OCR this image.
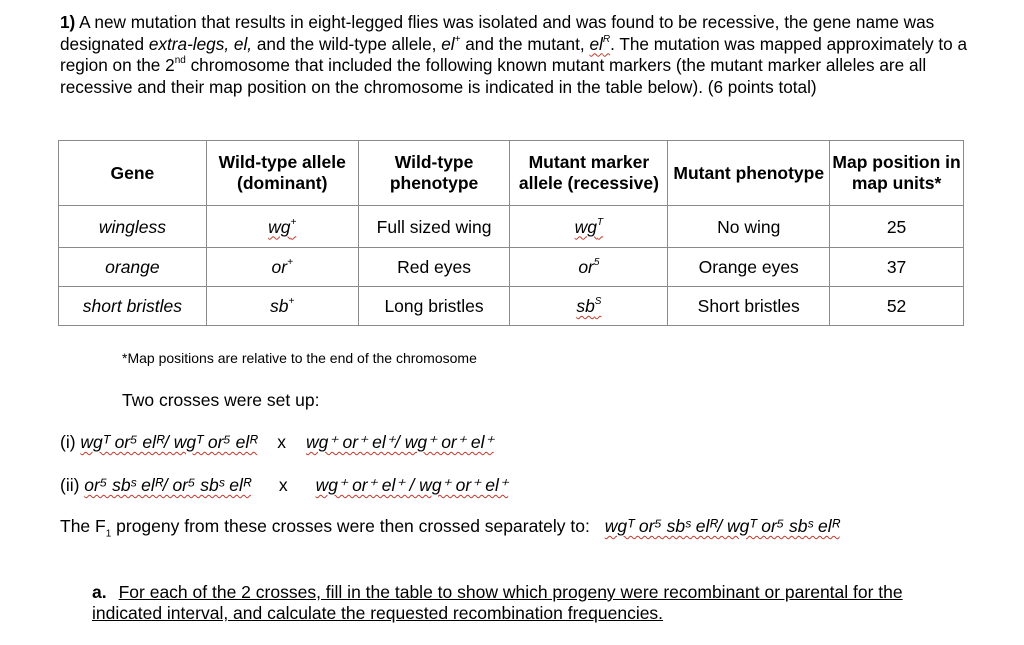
1) A new mutation that results in eight-legged flies was isolated and was found to be recessive, the gene name was designated extra-legs, el, and the wild-type allele, el+ and the mutant, $el^R$. The mutation was mapped approximately to a region on the 2nd chromosome that included the following known mutant markers (the mutant marker alleles are all recessive and their map position on the chromosome is indicated in the table below). (6 points total)
Gene	Wild-type allele (dominant)	Wild-type phenotype	Mutant marker allele (recessive)	Mutant phenotype	Map position in map units*
wingless	wg+	Full sized wing	$wg^T$	No wing	25
orange	or+	Red eyes	$or^5$	Orange eyes	37
short bristles	sb+	Long bristles	$sb^S$	Short bristles	52
*Map positions are relative to the end of the chromosome
Two crosses were set up:
(i) wgᵀ or⁵ elᴿ/ wgᵀ or⁵ elᴿ x wg⁺ or⁺ el⁺/ wg⁺ or⁺ el⁺
(ii) or⁵ sbˢ elᴿ/ or⁵ sbˢ elᴿ x wg⁺ or⁺ el⁺ / wg⁺ or⁺ el⁺
The $F_1$ progeny from these crosses were then crossed separately to: wgᵀ or⁵ sbˢ elᴿ/ wgᵀ or⁵ sbˢ elᴿ
a. For each of the 2 crosses, fill in the table to show which progeny were recombinant or parental for the indicated interval, and calculate the requested recombination frequencies.
